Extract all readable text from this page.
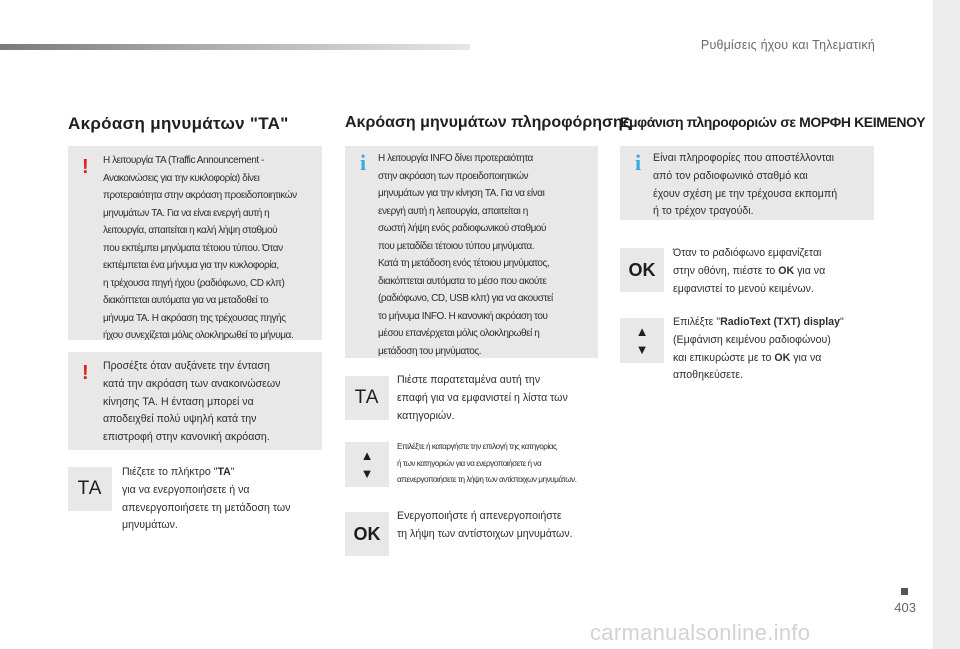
Ρυθμίσεις ήχου και Τηλεματική
Ακρόαση μηνυμάτων "TA"
! Η λειτουργία TA (Traffic Announcement -

Ανακοινώσεις για την κυκλοφορία) δίνει

προτεραιότητα στην ακρόαση προειδοποιητικών

μηνυμάτων TA. Για να είναι ενεργή αυτή η

λειτουργία, απαιτείται η καλή λήψη σταθμού

που εκπέμπει μηνύματα τέτοιου τύπου. Όταν

εκπέμπεται ένα μήνυμα για την κυκλοφορία,

η τρέχουσα πηγή ήχου (ραδιόφωνο, CD κλπ)

διακόπτεται αυτόματα για να μεταδοθεί το

μήνυμα TA. Η ακρόαση της τρέχουσας πηγής

ήχου συνεχίζεται μόλις ολοκληρωθεί το μήνυμα.

! Προσέξτε όταν αυξάνετε την ένταση

κατά την ακρόαση των ανακοινώσεων

κίνησης TA. Η ένταση μπορεί να

αποδειχθεί πολύ υψηλή κατά την

επιστροφή στην κανονική ακρόαση.

TA

Πιέζετε το πλήκτρο "TA"

για να ενεργοποιήσετε ή να

απενεργοποιήσετε τη μετάδοση των

μηνυμάτων.

Ακρόαση μηνυμάτων πληροφόρησης
i Η λειτουργία INFO δίνει προτεραιότητα

στην ακρόαση των προειδοποιητικών

μηνυμάτων για την κίνηση TA. Για να είναι

ενεργή αυτή η λειτουργία, απαιτείται η

σωστή λήψη ενός ραδιοφωνικού σταθμού

που μεταδίδει τέτοιου τύπου μηνύματα.

Κατά τη μετάδοση ενός τέτοιου μηνύματος,

διακόπτεται αυτόματα το μέσο που ακούτε

(ραδιόφωνο, CD, USB κλπ) για να ακουστεί

το μήνυμα INFO. Η κανονική ακρόαση του

μέσου επανέρχεται μόλις ολοκληρωθεί η

μετάδοση του μηνύματος.

TA

Πιέστε παρατεταμένα αυτή την

επαφή για να εμφανιστεί η λίστα των

κατηγοριών.

▲
▼

Επιλέξτε ή καταργήστε την επιλογή της κατηγορίας

ή των κατηγοριών για να ενεργοποιήσετε ή να

απενεργοποιήσετε τη λήψη των αντίστοιχων μηνυμάτων.

OK

Ενεργοποιήστε ή απενεργοποιήστε

τη λήψη των αντίστοιχων μηνυμάτων.

Εμφάνιση πληροφοριών σε ΜΟΡΦΗ ΚΕΙΜΕΝΟΥ
i Είναι πληροφορίες που αποστέλλονται

από τον ραδιοφωνικό σταθμό και

έχουν σχέση με την τρέχουσα εκπομπή

ή το τρέχον τραγούδι.

OK

Όταν το ραδιόφωνο εμφανίζεται

στην οθόνη, πιέστε το OK για να

εμφανιστεί το μενού κειμένων.

▲
▼

Επιλέξτε "RadioText (TXT) display"

(Εμφάνιση κειμένου ραδιοφώνου)

και επικυρώστε με το OK για να

αποθηκεύσετε.

403
carmanualsonline.info
